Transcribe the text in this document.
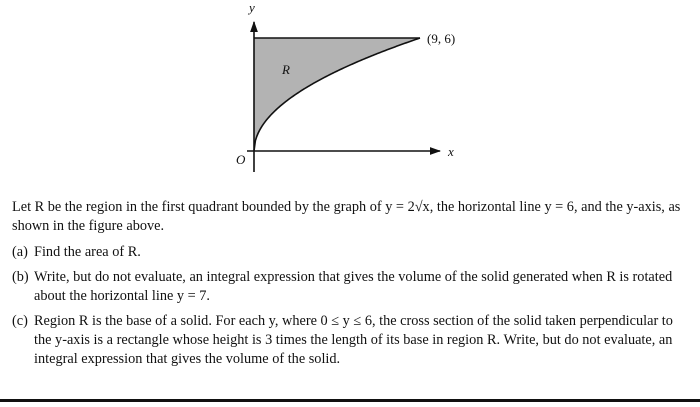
y
x
O
(9, 6)
R

Let R be the region in the first quadrant bounded by the graph of y = 2√x, the horizontal line y = 6, and the y-axis, as shown in the figure above.

(a) Find the area of R.
(b) Write, but do not evaluate, an integral expression that gives the volume of the solid generated when R is rotated about the horizontal line y = 7.
(c) Region R is the base of a solid. For each y, where 0 ≤ y ≤ 6, the cross section of the solid taken perpendicular to the y-axis is a rectangle whose height is 3 times the length of its base in region R. Write, but do not evaluate, an integral expression that gives the volume of the solid.
